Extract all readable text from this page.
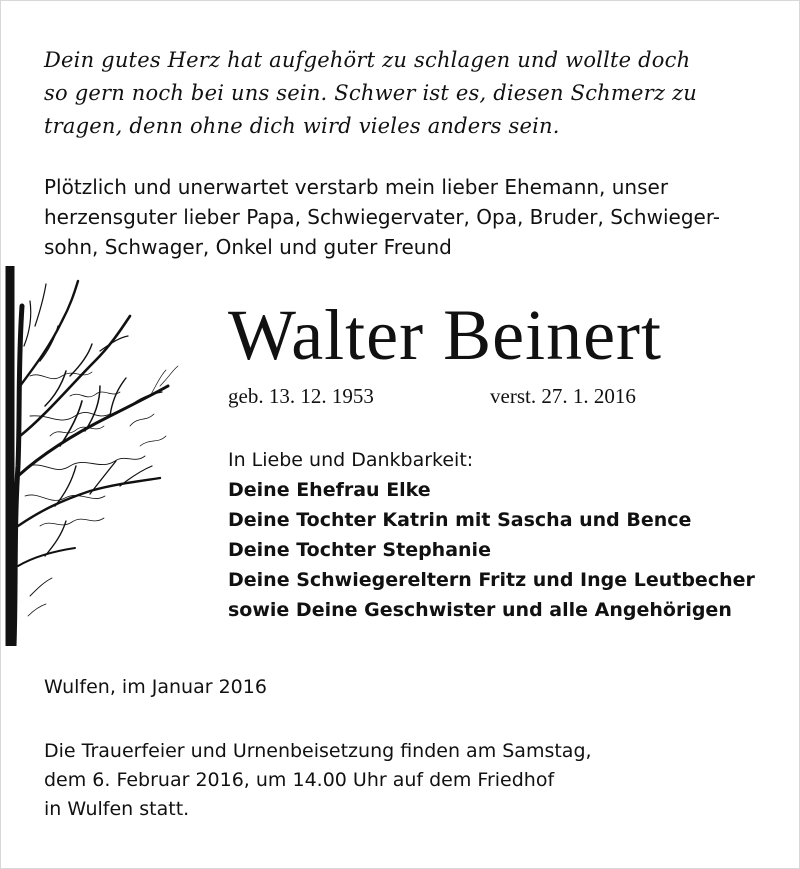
Dein gutes Herz hat aufgehört zu schlagen und wollte doch
so gern noch bei uns sein. Schwer ist es, diesen Schmerz zu
tragen, denn ohne dich wird vieles anders sein.
Plötzlich und unerwartet verstarb mein lieber Ehemann, unser
herzensguter lieber Papa, Schwiegervater, Opa, Bruder, Schwieger-
sohn, Schwager, Onkel und guter Freund
Walter Beinert
geb. 13. 12. 1953	verst. 27. 1. 2016
In Liebe und Dankbarkeit:
Deine Ehefrau Elke
Deine Tochter Katrin mit Sascha und Bence
Deine Tochter Stephanie
Deine Schwiegereltern Fritz und Inge Leutbecher
sowie Deine Geschwister und alle Angehörigen
Wulfen, im Januar 2016
Die Trauerfeier und Urnenbeisetzung finden am Samstag,
dem 6. Februar 2016, um 14.00 Uhr auf dem Friedhof
in Wulfen statt.
